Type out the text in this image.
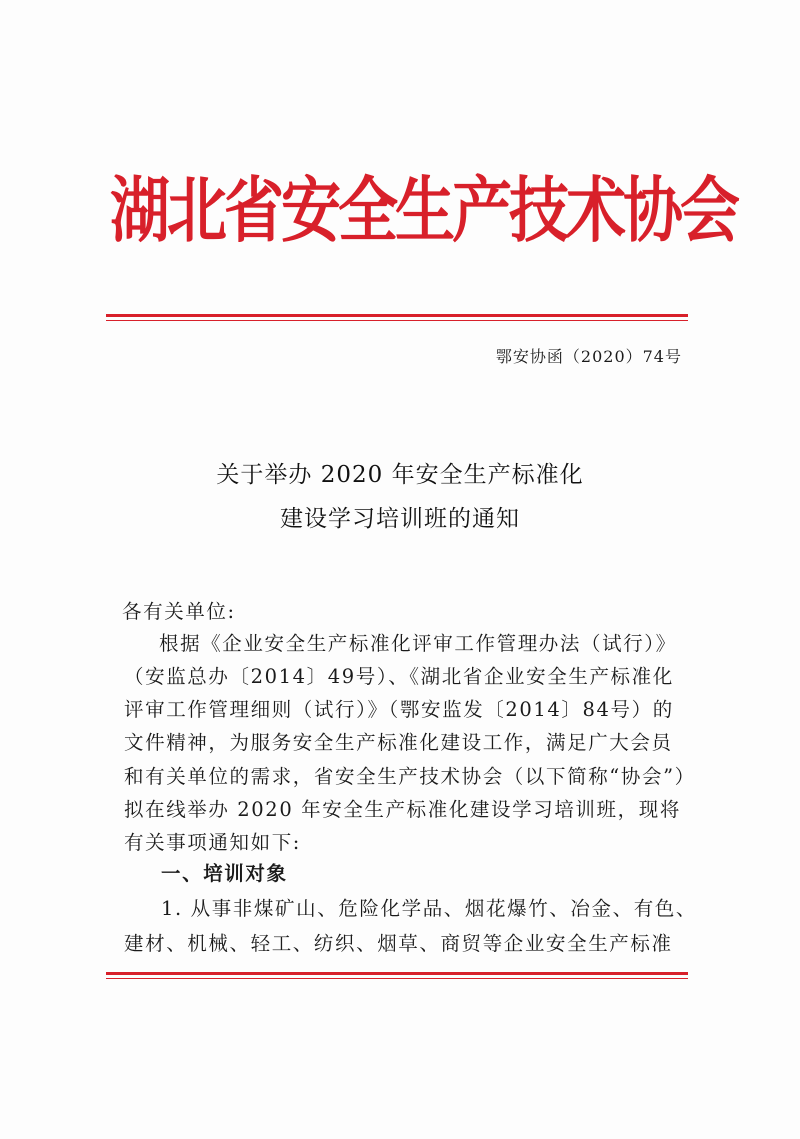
湖北省安全生产技术协会
鄂安协函（2020）74号
关于举办 2020 年安全生产标准化
建设学习培训班的通知
各有关单位:
根据《企业安全生产标准化评审工作管理办法（试行）》
（安监总办〔2014〕49号）、《湖北省企业安全生产标准化
评审工作管理细则（试行）》（鄂安监发〔2014〕84号）的
文件精神，为服务安全生产标准化建设工作，满足广大会员
和有关单位的需求，省安全生产技术协会（以下简称“协会”）
拟在线举办 2020 年安全生产标准化建设学习培训班，现将
有关事项通知如下:
一、培训对象
1. 从事非煤矿山、危险化学品、烟花爆竹、冶金、有色、
建材、机械、轻工、纺织、烟草、商贸等企业安全生产标准
